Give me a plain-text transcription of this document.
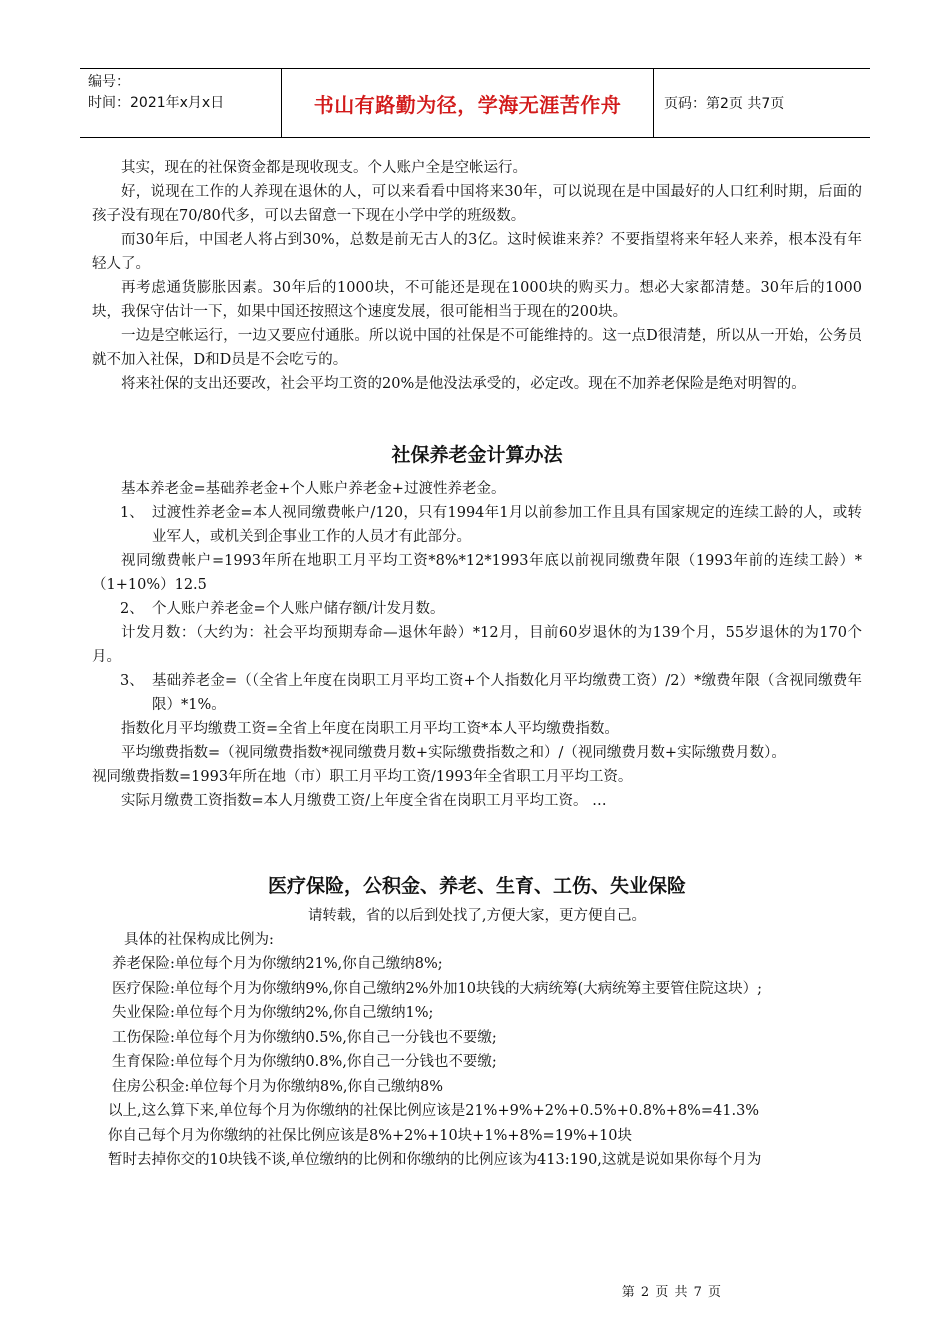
编号：
时间：2021年x月x日	书山有路勤为径，学海无涯苦作舟	页码：第2页 共7页

其实，现在的社保资金都是现收现支。个人账户全是空帐运行。

好，说现在工作的人养现在退休的人，可以来看看中国将来30年，可以说现在是中国最好的人口红利时期，后面的孩子没有现在70/80代多，可以去留意一下现在小学中学的班级数。

而30年后，中国老人将占到30%，总数是前无古人的3亿。这时候谁来养？不要指望将来年轻人来养，根本没有年轻人了。

再考虑通货膨胀因素。30年后的1000块，不可能还是现在1000块的购买力。想必大家都清楚。30年后的1000块，我保守估计一下，如果中国还按照这个速度发展，很可能相当于现在的200块。

一边是空帐运行，一边又要应付通胀。所以说中国的社保是不可能维持的。这一点D很清楚，所以从一开始，公务员就不加入社保，D和D员是不会吃亏的。

将来社保的支出还要改，社会平均工资的20%是他没法承受的，必定改。现在不加养老保险是绝对明智的。

社保养老金计算办法

基本养老金=基础养老金+个人账户养老金+过渡性养老金。

1、 过渡性养老金=本人视同缴费帐户/120，只有1994年1月以前参加工作且具有国家规定的连续工龄的人，或转业军人，或机关到企事业工作的人员才有此部分。

视同缴费帐户=1993年所在地职工月平均工资*8%*12*1993年底以前视同缴费年限（1993年前的连续工龄）*（1+10%）12.5

2、 个人账户养老金=个人账户储存额/计发月数。

计发月数：（大约为：社会平均预期寿命—退休年龄）*12月，目前60岁退休的为139个月，55岁退休的为170个月。

3、 基础养老金=（（全省上年度在岗职工月平均工资+个人指数化月平均缴费工资）/2）*缴费年限（含视同缴费年限）*1%。

指数化月平均缴费工资=全省上年度在岗职工月平均工资*本人平均缴费指数。

平均缴费指数=（视同缴费指数*视同缴费月数+实际缴费指数之和）/（视同缴费月数+实际缴费月数）。

视同缴费指数=1993年所在地（市）职工月平均工资/1993年全省职工月平均工资。

实际月缴费工资指数=本人月缴费工资/上年度全省在岗职工月平均工资。 …

医疗保险，公积金、养老、生育、工伤、失业保险

请转载，省的以后到处找了,方便大家，更方便自己。

具体的社保构成比例为:

养老保险:单位每个月为你缴纳21%,你自己缴纳8%;

医疗保险:单位每个月为你缴纳9%,你自己缴纳2%外加10块钱的大病统筹(大病统筹主要管住院这块）;

失业保险:单位每个月为你缴纳2%,你自己缴纳1%;

工伤保险:单位每个月为你缴纳0.5%,你自己一分钱也不要缴;

生育保险:单位每个月为你缴纳0.8%,你自己一分钱也不要缴;

住房公积金:单位每个月为你缴纳8%,你自己缴纳8%

以上,这么算下来,单位每个月为你缴纳的社保比例应该是21%+9%+2%+0.5%+0.8%+8%=41.3%

你自己每个月为你缴纳的社保比例应该是8%+2%+10块+1%+8%=19%+10块

暂时去掉你交的10块钱不谈,单位缴纳的比例和你缴纳的比例应该为413:190,这就是说如果你每个月为

第 2 页 共 7 页
